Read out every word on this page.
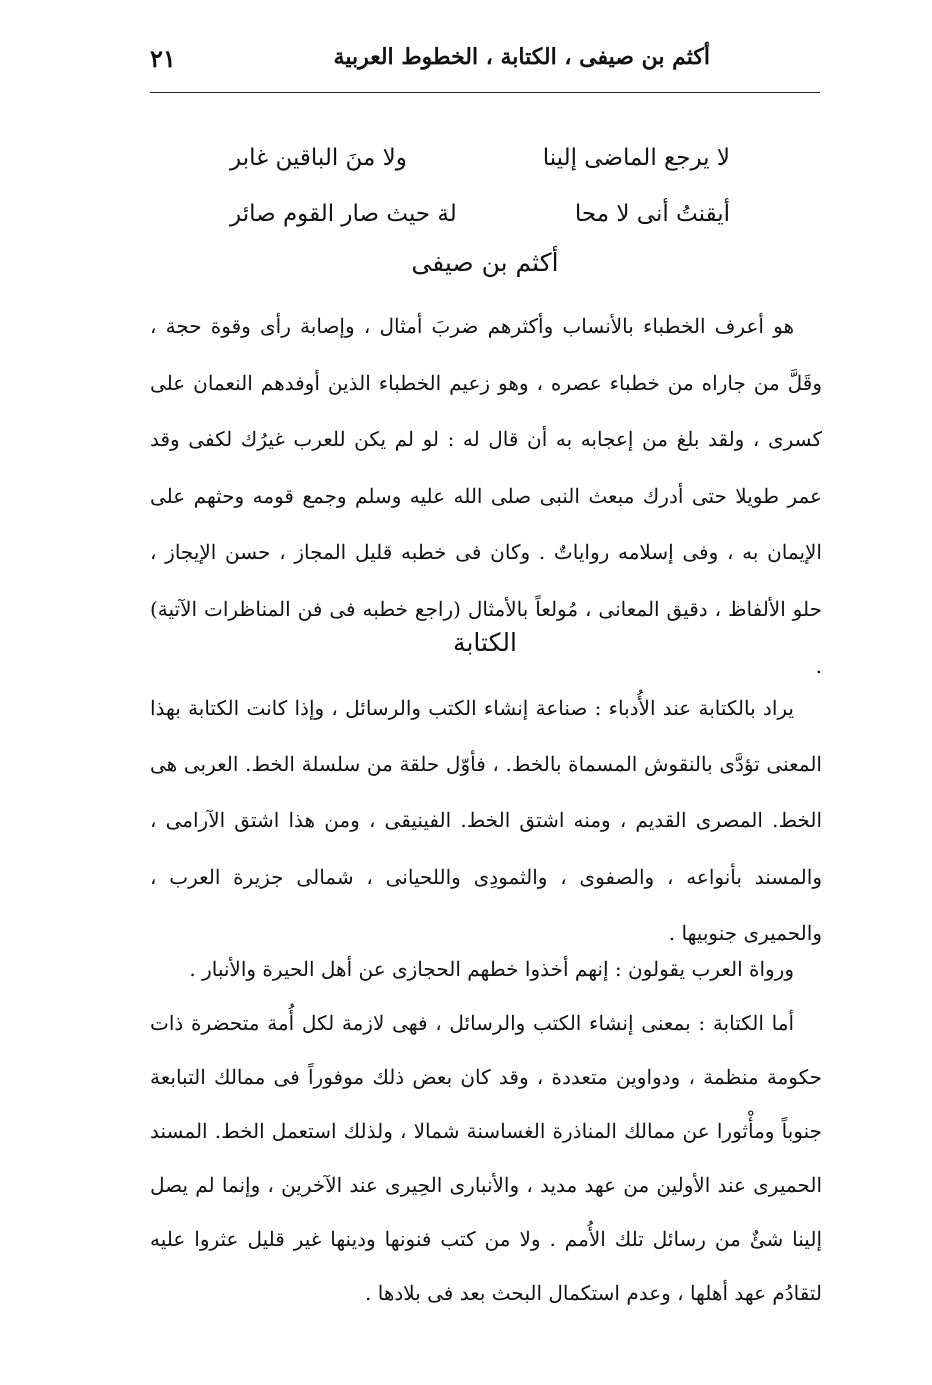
أكثم بن صيفى ، الكتابة ، الخطوط العربية
٢١
لا يرجع الماضى إلينا
ولا منَ الباقين غابر
أيقنتُ أنى لا محا
لة حيث صار القوم صائر
أكثم بن صيفى

هو أعرف الخطباء بالأنساب وأكثرهم ضربَ أمثال ، وإصابة رأى وقوة حجة ، وقَلَّ من جاراه من خطباء عصره ، وهو زعيم الخطباء الذين أوفدهم النعمان على كسرى ، ولقد بلغ من إعجابه به أن قال له : لو لم يكن للعرب غيرُك لكفى وقد عمر طويلا حتى أدرك مبعث النبى صلى الله عليه وسلم وجمع قومه وحثهم على الإيمان به ، وفى إسلامه رواياتٌ . وكان فى خطبه قليل المجاز ، حسن الإيجاز ، حلو الألفاظ ، دقيق المعانى ، مُولعاً بالأمثال (راجع خطبه فى فن المناظرات الآتية) .

الكتابة

يراد بالكتابة عند الأُدباء : صناعة إنشاء الكتب والرسائل ، وإذا كانت الكتابة بهذا المعنى تؤدَّى بالنقوش المسماة بالخط. ، فأوّل حلقة من سلسلة الخط. العربى هى الخط. المصرى القديم ، ومنه اشتق الخط. الفينيقى ، ومن هذا اشتق الآرامى ، والمسند بأنواعه ، والصفوى ، والثمودِى واللحيانى ، شمالى جزيرة العرب ، والحميرى جنوبيها .

ورواة العرب يقولون : إنهم أخذوا خطهم الحجازى عن أهل الحيرة والأنبار .

أما الكتابة : بمعنى إنشاء الكتب والرسائل ، فهى لازمة لكل أُمة متحضرة ذات حكومة منظمة ، ودواوين متعددة ، وقد كان بعض ذلك موفوراً فى ممالك التبابعة جنوباً ومأْثورا عن ممالك المناذرة الغساسنة شمالا ، ولذلك استعمل الخط. المسند الحميرى عند الأولين من عهد مديد ، والأنبارى الحِيرى عند الآخرين ، وإنما لم يصل إلينا شئٌ من رسائل تلك الأُمم . ولا من كتب فنونها ودينها غير قليل عثروا عليه لتقادُم عهد أهلها ، وعدم استكمال البحث بعد فى بلادها .
